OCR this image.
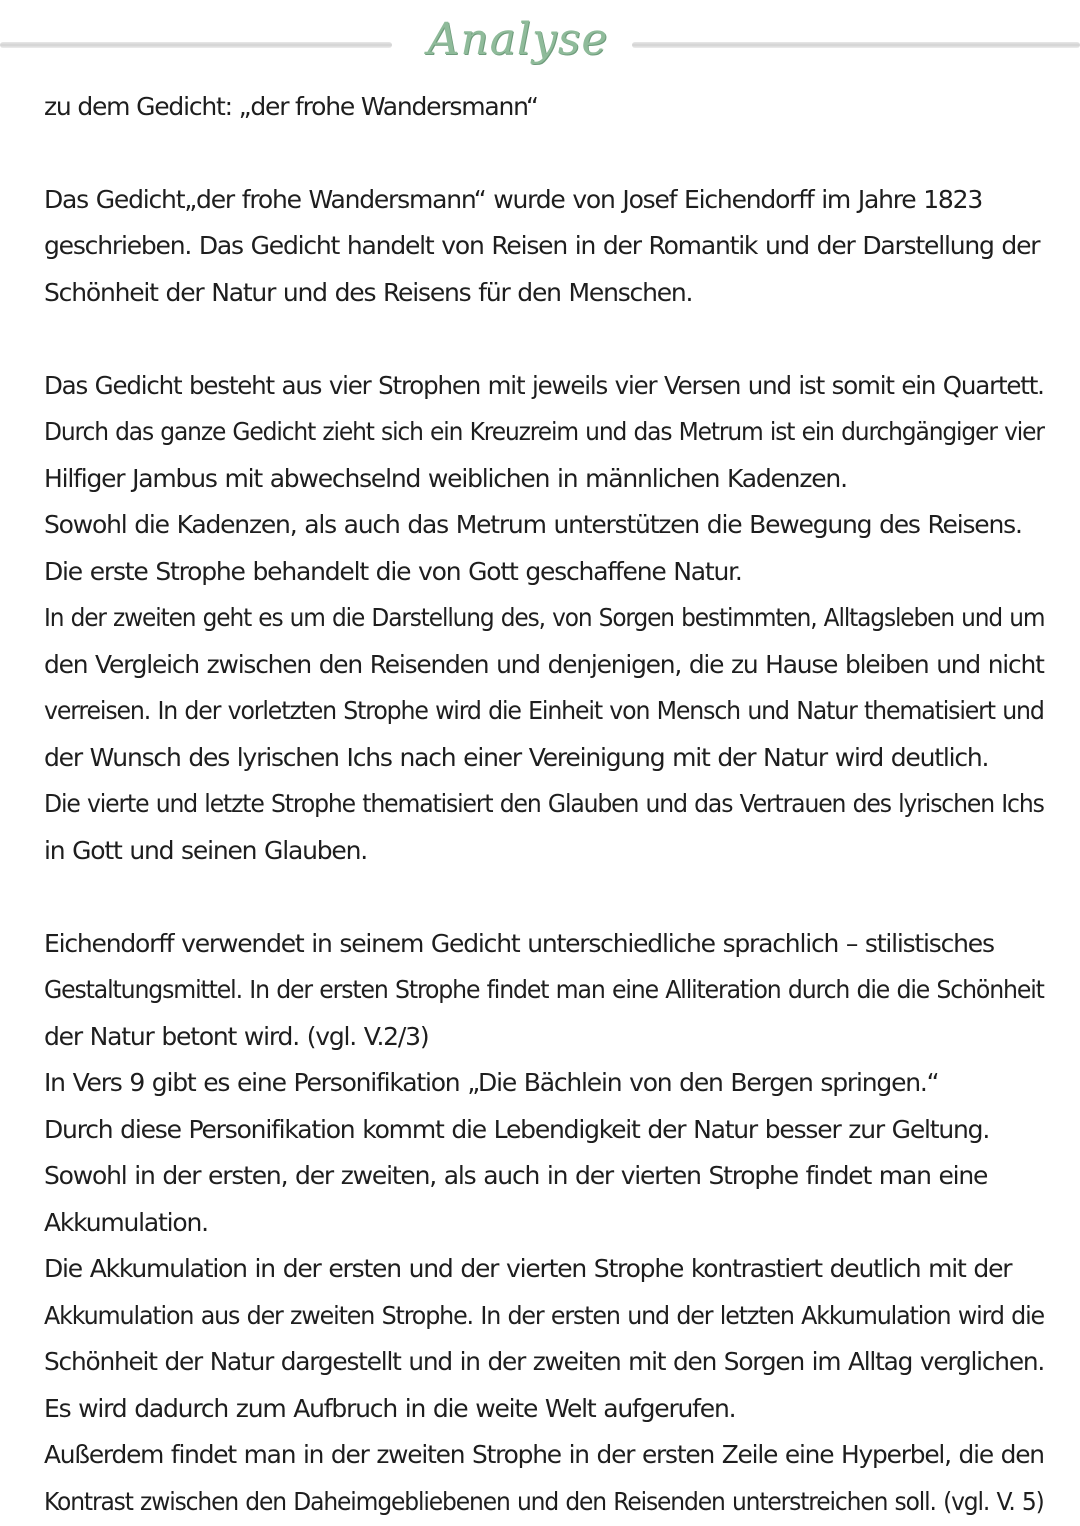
Analyse
zu dem Gedicht: „der frohe Wandersmann“
Das Gedicht„der frohe Wandersmann“ wurde von Josef Eichendorff im Jahre 1823
geschrieben. Das Gedicht handelt von Reisen in der Romantik und der Darstellung der
Schönheit der Natur und des Reisens für den Menschen.
Das Gedicht besteht aus vier Strophen mit jeweils vier Versen und ist somit ein Quartett.
Durch das ganze Gedicht zieht sich ein Kreuzreim und das Metrum ist ein durchgängiger vier
Hilfiger Jambus mit abwechselnd weiblichen in männlichen Kadenzen.
Sowohl die Kadenzen, als auch das Metrum unterstützen die Bewegung des Reisens.
Die erste Strophe behandelt die von Gott geschaffene Natur.
In der zweiten geht es um die Darstellung des, von Sorgen bestimmten, Alltagsleben und um
den Vergleich zwischen den Reisenden und denjenigen, die zu Hause bleiben und nicht
verreisen. In der vorletzten Strophe wird die Einheit von Mensch und Natur thematisiert und
der Wunsch des lyrischen Ichs nach einer Vereinigung mit der Natur wird deutlich.
Die vierte und letzte Strophe thematisiert den Glauben und das Vertrauen des lyrischen Ichs
in Gott und seinen Glauben.
Eichendorff verwendet in seinem Gedicht unterschiedliche sprachlich – stilistisches
Gestaltungsmittel. In der ersten Strophe findet man eine Alliteration durch die die Schönheit
der Natur betont wird. (vgl. V.2/3)
In Vers 9 gibt es eine Personifikation „Die Bächlein von den Bergen springen.“
Durch diese Personifikation kommt die Lebendigkeit der Natur besser zur Geltung.
Sowohl in der ersten, der zweiten, als auch in der vierten Strophe findet man eine
Akkumulation.
Die Akkumulation in der ersten und der vierten Strophe kontrastiert deutlich mit der
Akkumulation aus der zweiten Strophe. In der ersten und der letzten Akkumulation wird die
Schönheit der Natur dargestellt und in der zweiten mit den Sorgen im Alltag verglichen.
Es wird dadurch zum Aufbruch in die weite Welt aufgerufen.
Außerdem findet man in der zweiten Strophe in der ersten Zeile eine Hyperbel, die den
Kontrast zwischen den Daheimgebliebenen und den Reisenden unterstreichen soll. (vgl. V. 5)
